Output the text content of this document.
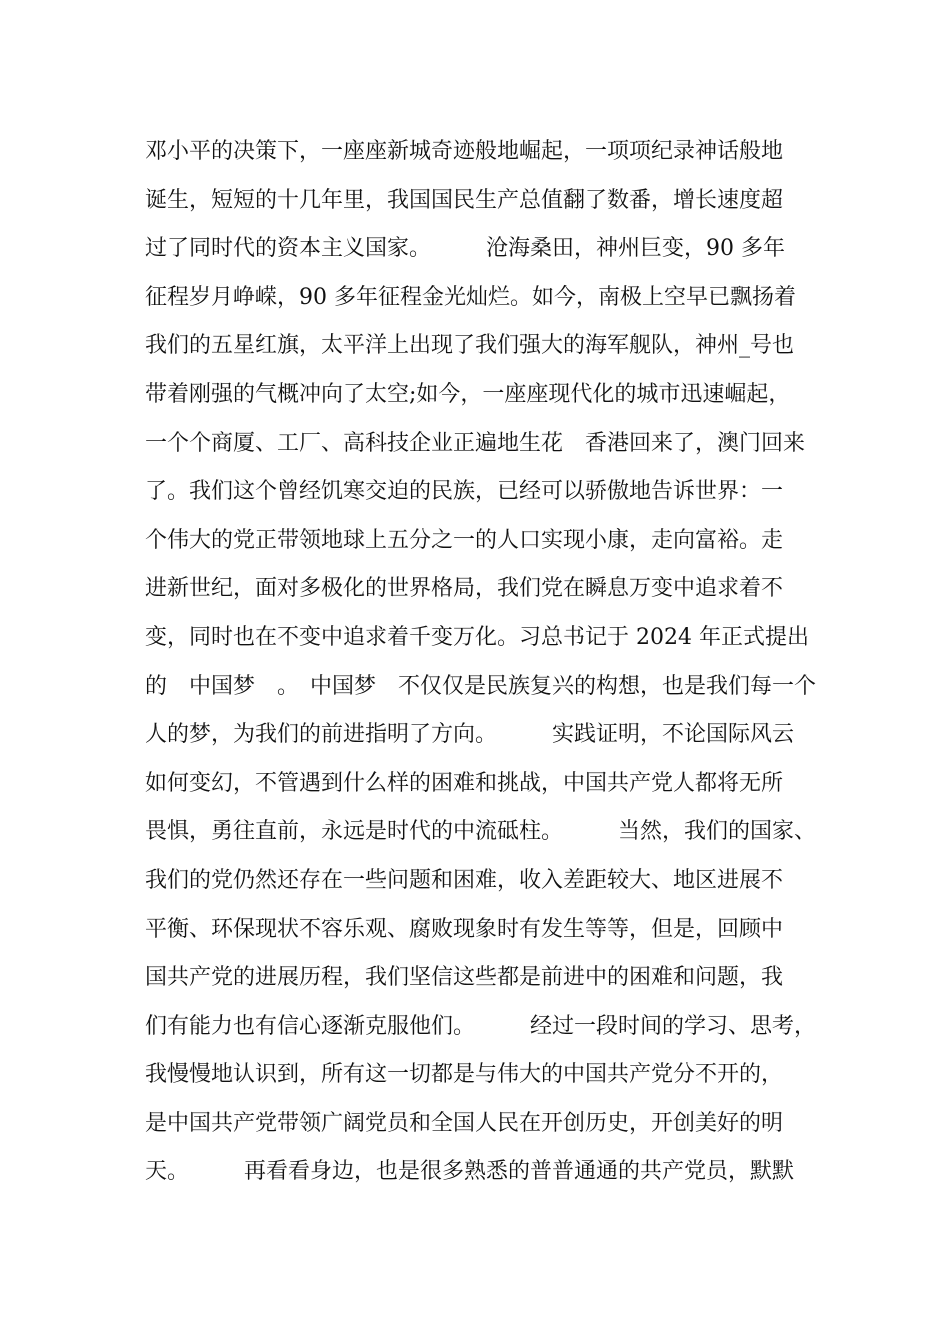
邓小平的决策下，一座座新城奇迹般地崛起，一项项纪录神话般地
诞生，短短的十几年里，我国国民生产总值翻了数番，增长速度超
过了同时代的资本主义国家。　　　沧海桑田，神州巨变，90 多年
征程岁月峥嵘，90 多年征程金光灿烂。如今，南极上空早已飘扬着
我们的五星红旗，太平洋上出现了我们强大的海军舰队，神州_号也
带着刚强的气概冲向了太空;如今，一座座现代化的城市迅速崛起，
一个个商厦、工厂、高科技企业正遍地生花　香港回来了，澳门回来
了。我们这个曾经饥寒交迫的民族，已经可以骄傲地告诉世界：一
个伟大的党正带领地球上五分之一的人口实现小康，走向富裕。走
进新世纪，面对多极化的世界格局，我们党在瞬息万变中追求着不
变，同时也在不变中追求着千变万化。习总书记于 2024 年正式提出
的　中国梦　。　中国梦　不仅仅是民族复兴的构想，也是我们每一个
人的梦，为我们的前进指明了方向。　　　实践证明，不论国际风云
如何变幻，不管遇到什么样的困难和挑战，中国共产党人都将无所
畏惧，勇往直前，永远是时代的中流砥柱。　　　当然，我们的国家、
我们的党仍然还存在一些问题和困难，收入差距较大、地区进展不
平衡、环保现状不容乐观、腐败现象时有发生等等，但是，回顾中
国共产党的进展历程，我们坚信这些都是前进中的困难和问题，我
们有能力也有信心逐渐克服他们。　　　经过一段时间的学习、思考，
我慢慢地认识到，所有这一切都是与伟大的中国共产党分不开的，
是中国共产党带领广阔党员和全国人民在开创历史，开创美好的明
天。　　　再看看身边，也是很多熟悉的普普通通的共产党员，默默
